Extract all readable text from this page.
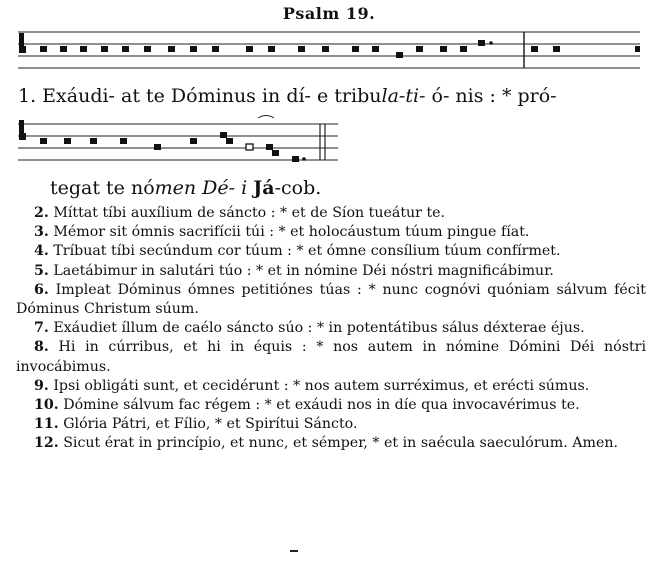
Psalm 19.
1. Exáudi- at te Dóminus in dí- e tribula-ti- ó- nis : * pró-
tegat te nómen Dé- i Já-cob.
2. Míttat tíbi auxílium de sáncto : * et de Síon tueátur te.
3. Mémor sit ómnis sacrifícii túi : * et holocáustum túum pingue fíat.
4. Tríbuat tíbi secúndum cor túum : * et ómne consílium túum confírmet.
5. Laetábimur in salutári túo : * et in nómine Déi nóstri magnificábimur.
6. Impleat Dóminus ómnes petitiónes túas : * nunc cognóvi quóniam sálvum fécit Dóminus Christum súum.
7. Exáudiet íllum de caélo sáncto súo : * in potentátibus sálus déxterae éjus.
8. Hi in cúrribus, et hi in équis : * nos autem in nómine Dómini Déi nóstri invocábimus.
9. Ipsi obligáti sunt, et cecidérunt : * nos autem surréximus, et erécti súmus.
10. Dómine sálvum fac régem : * et exáudi nos in díe qua invocavérimus te.
11. Glória Pátri, et Fílio, * et Spirítui Sáncto.
12. Sicut érat in princípio, et nunc, et sémper, * et in saécula saeculórum. Amen.
